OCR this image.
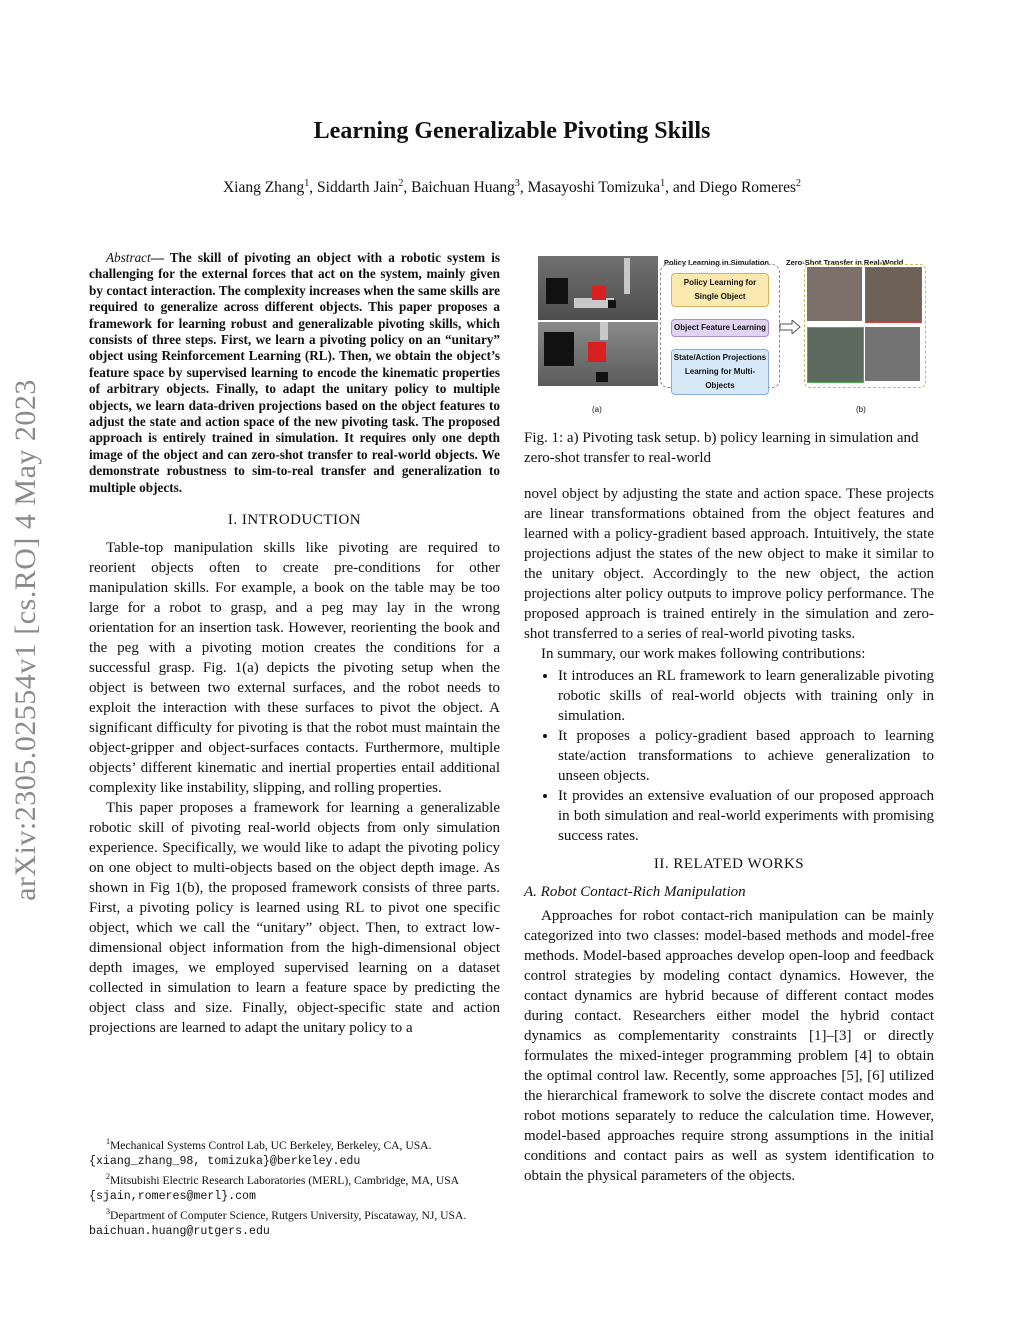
arXiv:2305.02554v1 [cs.RO] 4 May 2023
Learning Generalizable Pivoting Skills
Xiang Zhang$^1$, Siddarth Jain$^2$, Baichuan Huang$^3$, Masayoshi Tomizuka$^1$, and Diego Romeres$^2$

Abstract— The skill of pivoting an object with a robotic system is challenging for the external forces that act on the system, mainly given by contact interaction. The complexity increases when the same skills are required to generalize across different objects. This paper proposes a framework for learning robust and generalizable pivoting skills, which consists of three steps. First, we learn a pivoting policy on an “unitary” object using Reinforcement Learning (RL). Then, we obtain the object’s feature space by supervised learning to encode the kinematic properties of arbitrary objects. Finally, to adapt the unitary policy to multiple objects, we learn data-driven projections based on the object features to adjust the state and action space of the new pivoting task. The proposed approach is entirely trained in simulation. It requires only one depth image of the object and can zero-shot transfer to real-world objects. We demonstrate robustness to sim-to-real transfer and generalization to multiple objects.

I. INTRODUCTION

Table-top manipulation skills like pivoting are required to reorient objects often to create pre-conditions for other manipulation skills. For example, a book on the table may be too large for a robot to grasp, and a peg may lay in the wrong orientation for an insertion task. However, reorienting the book and the peg with a pivoting motion creates the conditions for a successful grasp. Fig. 1(a) depicts the pivoting setup when the object is between two external surfaces, and the robot needs to exploit the interaction with these surfaces to pivot the object. A significant difficulty for pivoting is that the robot must maintain the object-gripper and object-surfaces contacts. Furthermore, multiple objects’ different kinematic and inertial properties entail additional complexity like instability, slipping, and rolling properties.

This paper proposes a framework for learning a generalizable robotic skill of pivoting real-world objects from only simulation experience. Specifically, we would like to adapt the pivoting policy on one object to multi-objects based on the object depth image. As shown in Fig 1(b), the proposed framework consists of three parts. First, a pivoting policy is learned using RL to pivot one specific object, which we call the “unitary” object. Then, to extract low-dimensional object information from the high-dimensional object depth images, we employed supervised learning on a dataset collected in simulation to learn a feature space by predicting the object class and size. Finally, object-specific state and action projections are learned to adapt the unitary policy to a

Policy Learning in Simulation Zero-Shot Transfer in Real-World
Policy Learning for
Single Object
Object Feature Learning
State/Action Projections
Learning for Multi-Objects
(a)	(b)

Fig. 1: a) Pivoting task setup. b) policy learning in simulation and zero-shot transfer to real-world

novel object by adjusting the state and action space. These projects are linear transformations obtained from the object features and learned with a policy-gradient based approach. Intuitively, the state projections adjust the states of the new object to make it similar to the unitary object. Accordingly to the new object, the action projections alter policy outputs to improve policy performance. The proposed approach is trained entirely in the simulation and zero-shot transferred to a series of real-world pivoting tasks.

In summary, our work makes following contributions:

• It introduces an RL framework to learn generalizable pivoting robotic skills of real-world objects with training only in simulation.
• It proposes a policy-gradient based approach to learning state/action transformations to achieve generalization to unseen objects.
• It provides an extensive evaluation of our proposed approach in both simulation and real-world experiments with promising success rates.
II. RELATED WORKS
A. Robot Contact-Rich Manipulation

Approaches for robot contact-rich manipulation can be mainly categorized into two classes: model-based methods and model-free methods. Model-based approaches develop open-loop and feedback control strategies by modeling contact dynamics. However, the contact dynamics are hybrid because of different contact modes during contact. Researchers either model the hybrid contact dynamics as complementarity constraints [1]–[3] or directly formulates the mixed-integer programming problem [4] to obtain the optimal control law. Recently, some approaches [5], [6] utilized the hierarchical framework to solve the discrete contact modes and robot motions separately to reduce the calculation time. However, model-based approaches require strong assumptions in the initial conditions and contact pairs as well as system identification to obtain the physical parameters of the objects.

$^1$Mechanical Systems Control Lab, UC Berkeley, Berkeley, CA, USA.
{xiang_zhang_98, tomizuka}@berkeley.edu

$^2$Mitsubishi Electric Research Laboratories (MERL), Cambridge, MA, USA {sjain,romeres@merl}.com

$^3$Department of Computer Science, Rutgers University, Piscataway, NJ, USA. baichuan.huang@rutgers.edu
